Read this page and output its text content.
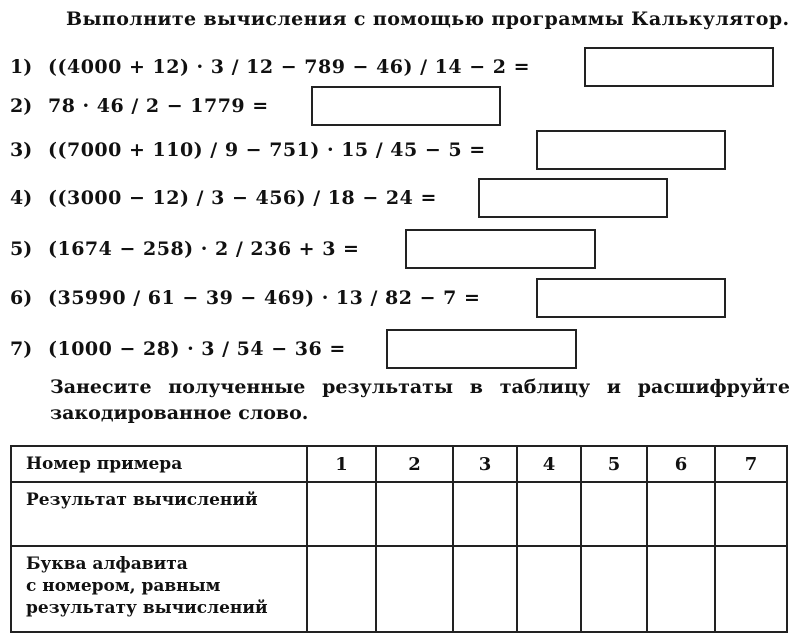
Выполните вычисления с помощью программы Калькулятор.
1) ((4000 + 12) · 3 / 12 − 789 − 46) / 14 − 2 =
2) 78 · 46 / 2 − 1779 =
3) ((7000 + 110) / 9 − 751) · 15 / 45 − 5 =
4) ((3000 − 12) / 3 − 456) / 18 − 24 =
5) (1674 − 258) · 2 / 236 + 3 =
6) (35990 / 61 − 39 − 469) · 13 / 82 − 7 =
7) (1000 − 28) · 3 / 54 − 36 =
Занесите полученные результаты в таблицу и расшифруйте
закодированное слово.
Номер примера	1	2	3	4	5	6	7
Результат вычислений							

Буква алфавита
с номером, равным
результату вычислений							
